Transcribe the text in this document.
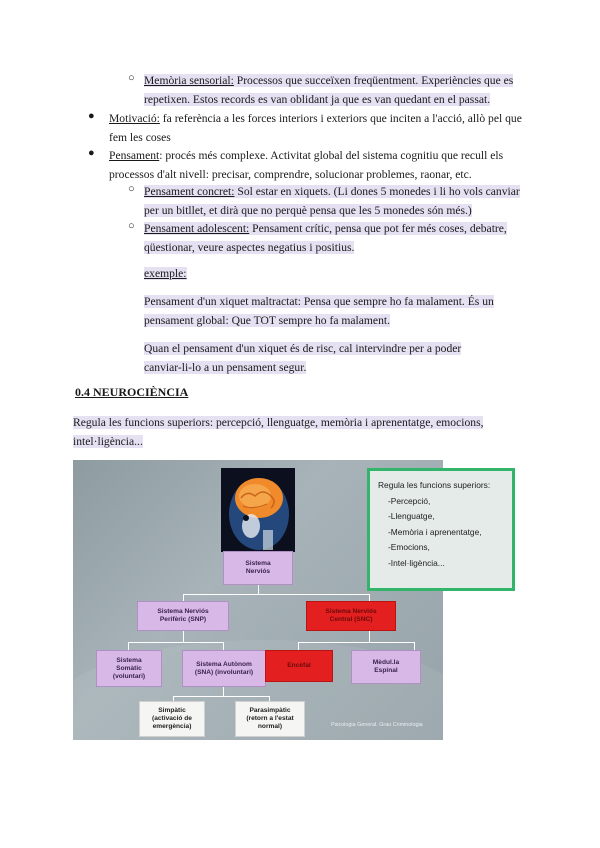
○ Memòria sensorial: Processos que succeïxen freqüentment. Experiències que es
repetixen. Estos records es van oblidant ja que es van quedant en el passat.
● Motivació: fa referència a les forces interiors i exteriors que inciten a l'acció, allò pel que
fem les coses
● Pensament: procés més complexe. Activitat global del sistema cognitiu que recull els
processos d'alt nivell: precisar, comprendre, solucionar problemes, raonar, etc.
○ Pensament concret: Sol estar en xiquets. (Li dones 5 monedes i li ho vols canviar
per un bitllet, et dirà que no perquè pensa que les 5 monedes són més.)
○ Pensament adolescent: Pensament crític, pensa que pot fer més coses, debatre,
qüestionar, veure aspectes negatius i positius.
exemple:
Pensament d'un xiquet maltractat: Pensa que sempre ho fa malament. És un
pensament global: Que TOT sempre ho fa malament.
Quan el pensament d'un xiquet és de risc, cal intervindre per a poder
canviar-li-lo a un pensament segur.
0.4 NEUROCIÈNCIA
Regula les funcions superiors: percepció, llenguatge, memòria i aprenentatge, emocions,
intel·ligència...
Regula les funcions superiors:
-Percepció,
-Llenguatge,
-Memòria i aprenentatge,
-Emocions,
-Intel·ligència...
Sistema Nerviós
Sistema Nerviós Perifèric (SNP)
Sistema Nerviós Central (SNC)
Sistema Somàtic (voluntari)
Sistema Autònom (SNA) (involuntari)
Encèfal	Mèdul.la Espinal
Simpàtic (activació de emergència)
Parasimpàtic (retorn a l'estat normal)	Psicologia General. Grau Criminologia
